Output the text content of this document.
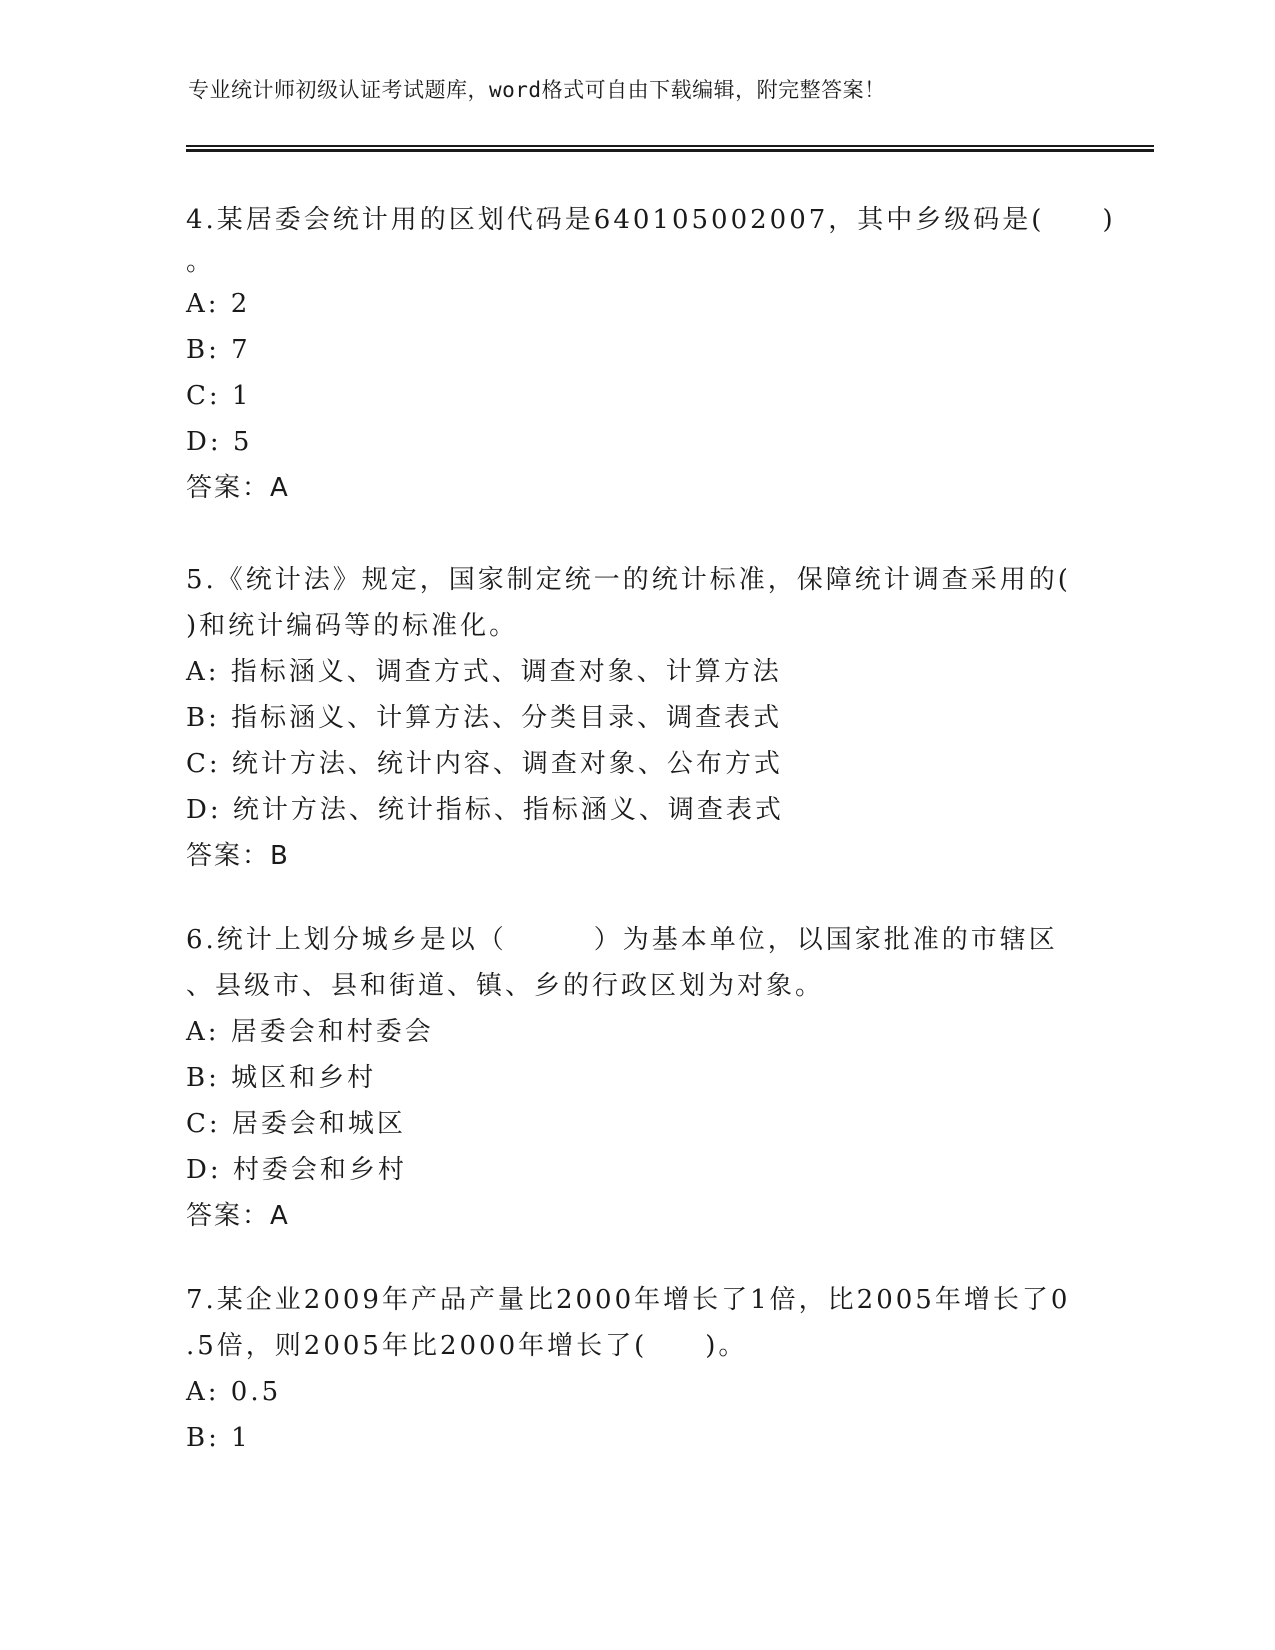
专业统计师初级认证考试题库，word格式可自由下载编辑，附完整答案！
4.某居委会统计用的区划代码是640105002007，其中乡级码是(　　)
。
A: 2
B: 7
C: 1
D: 5
答案：A
5.《统计法》规定，国家制定统一的统计标准，保障统计调查采用的(
)和统计编码等的标准化。
A: 指标涵义、调查方式、调查对象、计算方法
B: 指标涵义、计算方法、分类目录、调查表式
C: 统计方法、统计内容、调查对象、公布方式
D: 统计方法、统计指标、指标涵义、调查表式
答案：B
6.统计上划分城乡是以（　　　）为基本单位，以国家批准的市辖区
、县级市、县和街道、镇、乡的行政区划为对象。
A: 居委会和村委会
B: 城区和乡村
C: 居委会和城区
D: 村委会和乡村
答案：A
7.某企业2009年产品产量比2000年增长了1倍，比2005年增长了0
.5倍，则2005年比2000年增长了(　　)。
A: 0.5
B: 1
